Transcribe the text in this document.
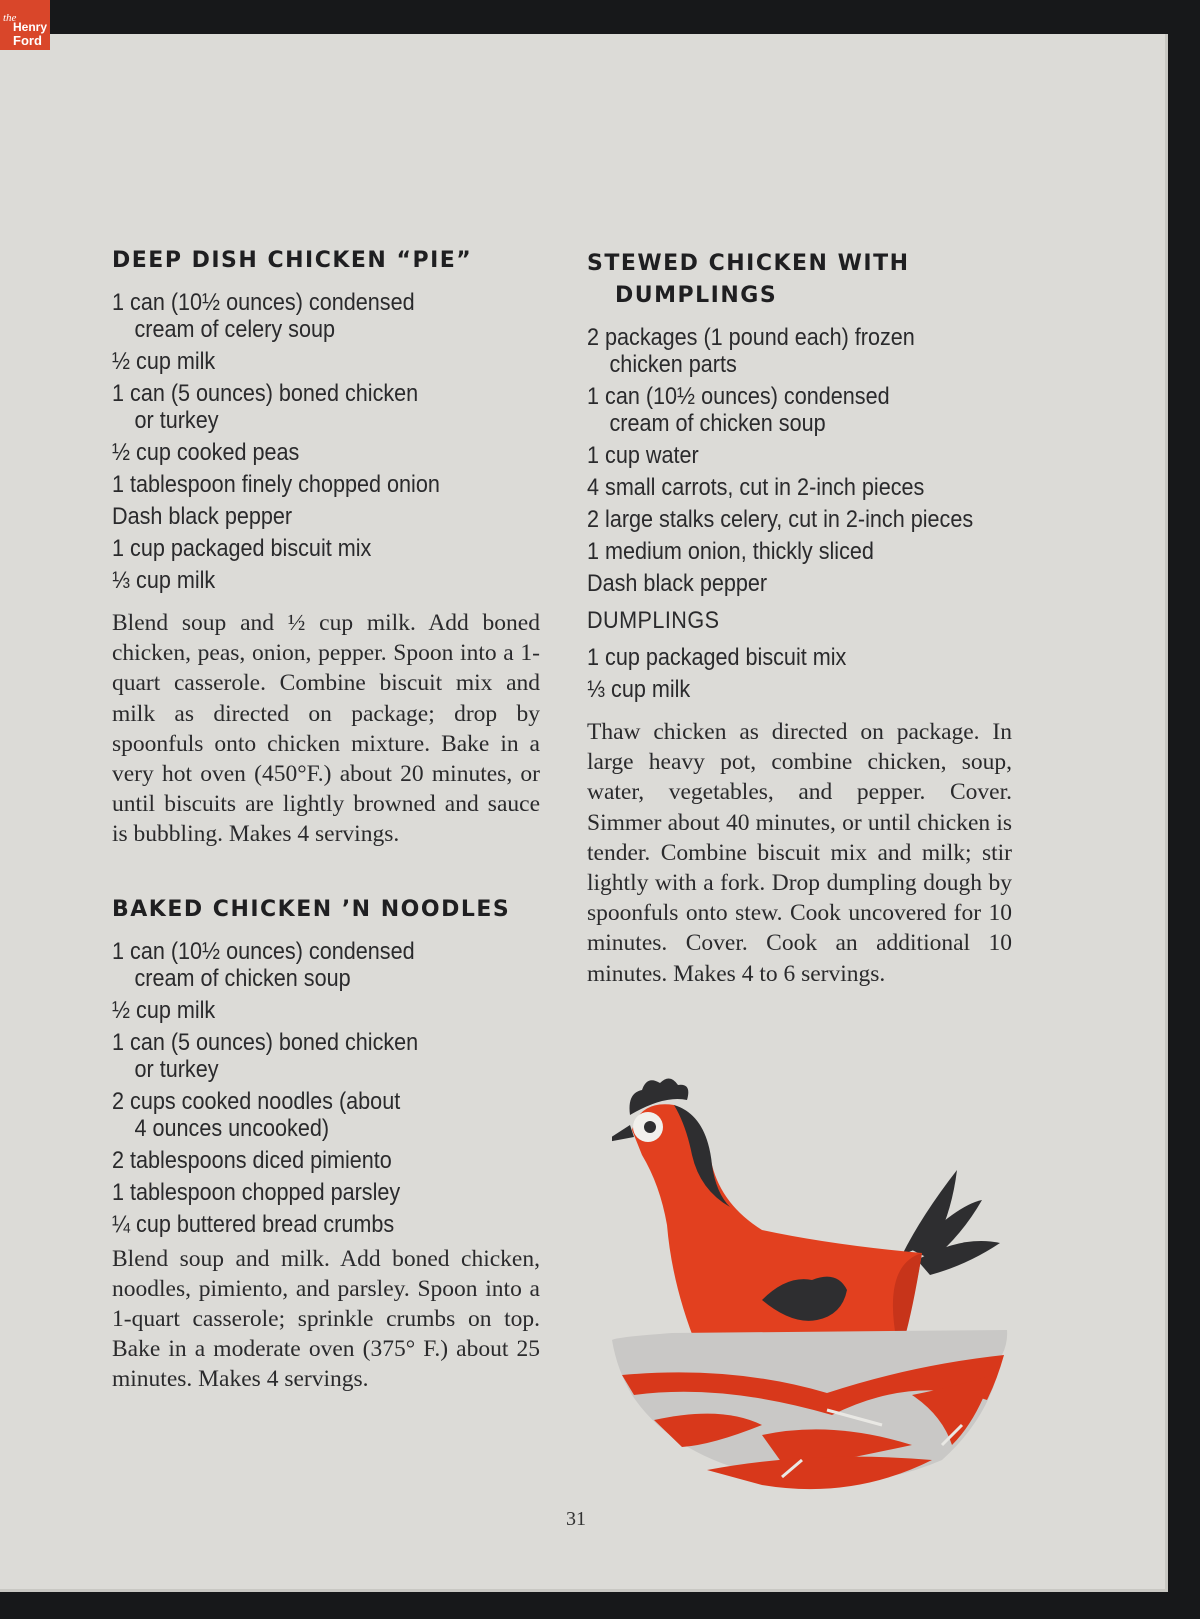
the
Henry
Ford
DEEP DISH CHICKEN “PIE”
1 can (10½ ounces) condensed
cream of celery soup
½ cup milk
1 can (5 ounces) boned chicken
or turkey
½ cup cooked peas
1 tablespoon finely chopped onion
Dash black pepper
1 cup packaged biscuit mix
⅓ cup milk

Blend soup and ½ cup milk. Add boned chicken, peas, onion, pepper. Spoon into a 1-quart casserole. Combine biscuit mix and milk as directed on package; drop by spoonfuls onto chicken mixture. Bake in a very hot oven (450°F.) about 20 minutes, or until biscuits are lightly browned and sauce is bubbling. Makes 4 servings.

BAKED CHICKEN ’N NOODLES
1 can (10½ ounces) condensed
cream of chicken soup
½ cup milk
1 can (5 ounces) boned chicken
or turkey
2 cups cooked noodles (about
4 ounces uncooked)
2 tablespoons diced pimiento
1 tablespoon chopped parsley
¼ cup buttered bread crumbs

Blend soup and milk. Add boned chicken, noodles, pimiento, and parsley. Spoon into a 1-quart casserole; sprinkle crumbs on top. Bake in a moderate oven (375° F.) about 25 minutes. Makes 4 servings.

STEWED CHICKEN WITH
DUMPLINGS
2 packages (1 pound each) frozen
chicken parts
1 can (10½ ounces) condensed
cream of chicken soup
1 cup water
4 small carrots, cut in 2-inch pieces
2 large stalks celery, cut in 2-inch pieces
1 medium onion, thickly sliced
Dash black pepper
DUMPLINGS
1 cup packaged biscuit mix
⅓ cup milk

Thaw chicken as directed on package. In large heavy pot, combine chicken, soup, water, vegetables, and pepper. Cover. Simmer about 40 minutes, or until chicken is tender. Combine biscuit mix and milk; stir lightly with a fork. Drop dumpling dough by spoonfuls onto stew. Cook uncovered for 10 minutes. Cover. Cook an additional 10 minutes. Makes 4 to 6 servings.

31
